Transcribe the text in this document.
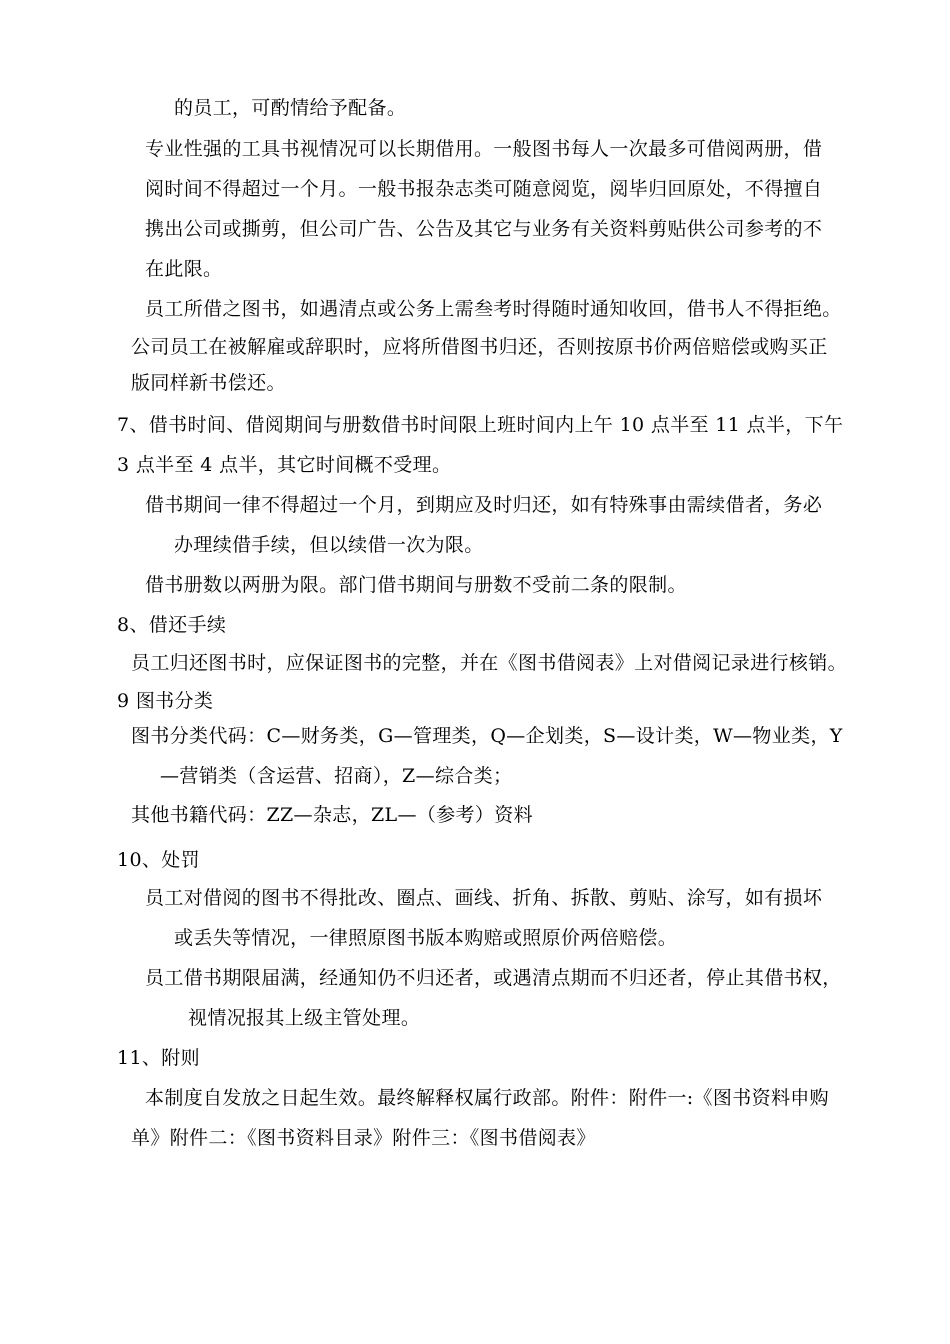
的员工，可酌情给予配备。
专业性强的工具书视情况可以长期借用。一般图书每人一次最多可借阅两册，借
阅时间不得超过一个月。一般书报杂志类可随意阅览，阅毕归回原处，不得擅自
携出公司或撕剪，但公司广告、公告及其它与业务有关资料剪贴供公司参考的不
在此限。
员工所借之图书，如遇清点或公务上需叁考时得随时通知收回，借书人不得拒绝。
公司员工在被解雇或辞职时，应将所借图书归还，否则按原书价两倍赔偿或购买正
版同样新书偿还。
7、借书时间、借阅期间与册数借书时间限上班时间内上午 10 点半至 11 点半，下午
3 点半至 4 点半，其它时间概不受理。
借书期间一律不得超过一个月，到期应及时归还，如有特殊事由需续借者，务必
办理续借手续，但以续借一次为限。
借书册数以两册为限。部门借书期间与册数不受前二条的限制。
8、借还手续
员工归还图书时，应保证图书的完整，并在《图书借阅表》上对借阅记录进行核销。
9 图书分类
图书分类代码：C—财务类，G—管理类，Q—企划类，S—设计类，W—物业类，Y
—营销类（含运营、招商），Z—综合类；
其他书籍代码：ZZ—杂志，ZL—（参考）资料
10、处罚
员工对借阅的图书不得批改、圈点、画线、折角、拆散、剪贴、涂写，如有损坏
或丢失等情况，一律照原图书版本购赔或照原价两倍赔偿。
员工借书期限届满，经通知仍不归还者，或遇清点期而不归还者，停止其借书权，
视情况报其上级主管处理。
11、附则
本制度自发放之日起生效。最终解释权属行政部。附件：附件一:《图书资料申购
单》附件二：《图书资料目录》附件三：《图书借阅表》
